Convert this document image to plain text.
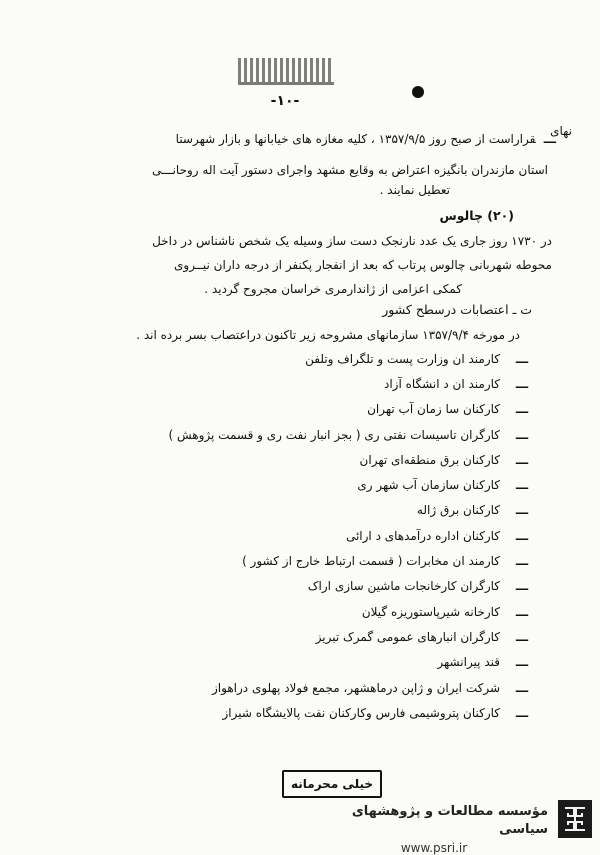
-۱۰-
نهای
ـــقراراست از صبح روز ۱۳۵۷/۹/۵ ، کلیه مغازه های خیابانها و بازار شهرستا
استان مازندران بانگیزه اعتراض به وقایع مشهد واجرای دستور آیت اله روحانـــی
تعطیل نمایند .
(۲۰) چالوس
در ۱۷۳۰ روز جاری یک عدد نارنجک دست ساز وسیله یک شخص ناشناس در داخل
محوطه شهربانی چالوس پرتاب که بعد از انفجار پکنفر از درجه داران نیــروی
کمکی اعزامی از ژاندارمری خراسان مجروح گردید .
ت ـ اعتصابات درسطح کشور
در مورخه ۱۳۵۷/۹/۴ سازمانهای مشروحه زیر تاکنون دراعتصاب بسر برده اند .
ـــ
کارمند ان وزارت پست و تلگراف وتلفن
ـــ
کارمند ان د انشگاه آزاد
ـــ
کارکنان سا زمان آب تهران
ـــ
کارگران تاسیسات نفتی ری ( بجز انبار نفت ری و قسمت پژوهش )
ـــ
کارکنان برق منطقه‌ای تهران
ـــ
کارکنان سازمان آب شهر ری
ـــ
کارکنان برق ژاله
ـــ
کارکنان اداره درآمدهای د ارائی
ـــ
کارمند ان مخابرات ( قسمت ارتباط خارج از کشور )
ـــ
کارگران کارخانجات ماشین سازی اراک
ـــ
کارخانه شیرپاستوریزه گیلان
ـــ
کارگران انبارهای عمومی گمرک تبریز
ـــ
قند پیرانشهر
ـــ
شرکت ایران و ژاپن درماهشهر، مجمع فولاد پهلوی دراهواز
ـــ
کارکنان پتروشیمی فارس وکارکنان نفت پالایشگاه شیراز
خیلی محرمانه
مؤسسه مطالعات و پژوهشهای سیاسی
www.psri.ir
